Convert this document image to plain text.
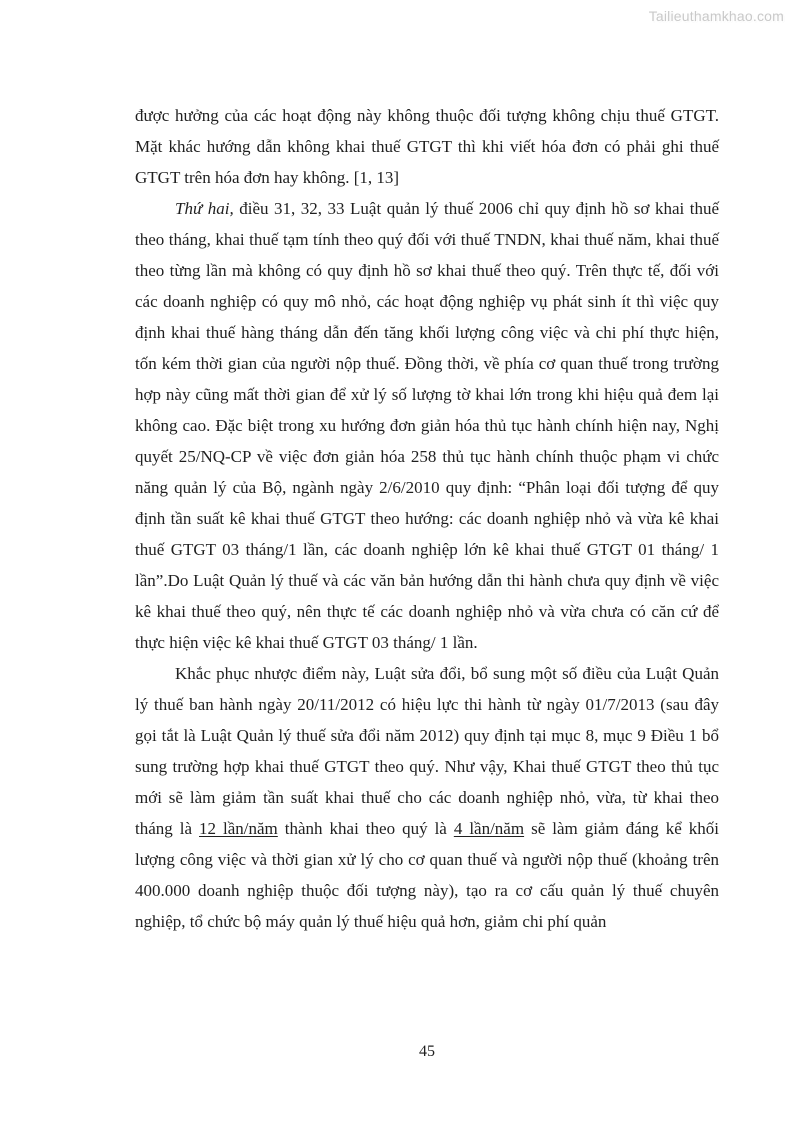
Tailieuthamkhao.com

được hưởng của các hoạt động này không thuộc đối tượng không chịu thuế GTGT. Mặt khác hướng dẫn không khai thuế GTGT thì khi viết hóa đơn có phải ghi thuế GTGT trên hóa đơn hay không. [1, 13]

Thứ hai, điều 31, 32, 33 Luật quản lý thuế 2006 chỉ quy định hồ sơ khai thuế theo tháng, khai thuế tạm tính theo quý đối với thuế TNDN, khai thuế năm, khai thuế theo từng lần mà không có quy định hồ sơ khai thuế theo quý. Trên thực tế, đối với các doanh nghiệp có quy mô nhỏ, các hoạt động nghiệp vụ phát sinh ít thì việc quy định khai thuế hàng tháng dẫn đến tăng khối lượng công việc và chi phí thực hiện, tốn kém thời gian của người nộp thuế. Đồng thời, về phía cơ quan thuế trong trường hợp này cũng mất thời gian để xử lý số lượng tờ khai lớn trong khi hiệu quả đem lại không cao. Đặc biệt trong xu hướng đơn giản hóa thủ tục hành chính hiện nay, Nghị quyết 25/NQ-CP về việc đơn giản hóa 258 thủ tục hành chính thuộc phạm vi chức năng quản lý của Bộ, ngành ngày 2/6/2010 quy định: “Phân loại đối tượng để quy định tần suất kê khai thuế GTGT theo hướng: các doanh nghiệp nhỏ và vừa kê khai thuế GTGT 03 tháng/1 lần, các doanh nghiệp lớn kê khai thuế GTGT 01 tháng/ 1 lần”.Do Luật Quản lý thuế và các văn bản hướng dẫn thi hành chưa quy định về việc kê khai thuế theo quý, nên thực tế các doanh nghiệp nhỏ và vừa chưa có căn cứ để thực hiện việc kê khai thuế GTGT 03 tháng/ 1 lần.

Khắc phục nhược điểm này, Luật sửa đổi, bổ sung một số điều của Luật Quản lý thuế ban hành ngày 20/11/2012 có hiệu lực thi hành từ ngày 01/7/2013 (sau đây gọi tắt là Luật Quản lý thuế sửa đổi năm 2012) quy định tại mục 8, mục 9 Điều 1 bổ sung trường hợp khai thuế GTGT theo quý. Như vậy, Khai thuế GTGT theo thủ tục mới sẽ làm giảm tần suất khai thuế cho các doanh nghiệp nhỏ, vừa, từ khai theo tháng là 12 lần/năm thành khai theo quý là 4 lần/năm sẽ làm giảm đáng kể khối lượng công việc và thời gian xử lý cho cơ quan thuế và người nộp thuế (khoảng trên 400.000 doanh nghiệp thuộc đối tượng này), tạo ra cơ cấu quản lý thuế chuyên nghiệp, tổ chức bộ máy quản lý thuế hiệu quả hơn, giảm chi phí quản

45
